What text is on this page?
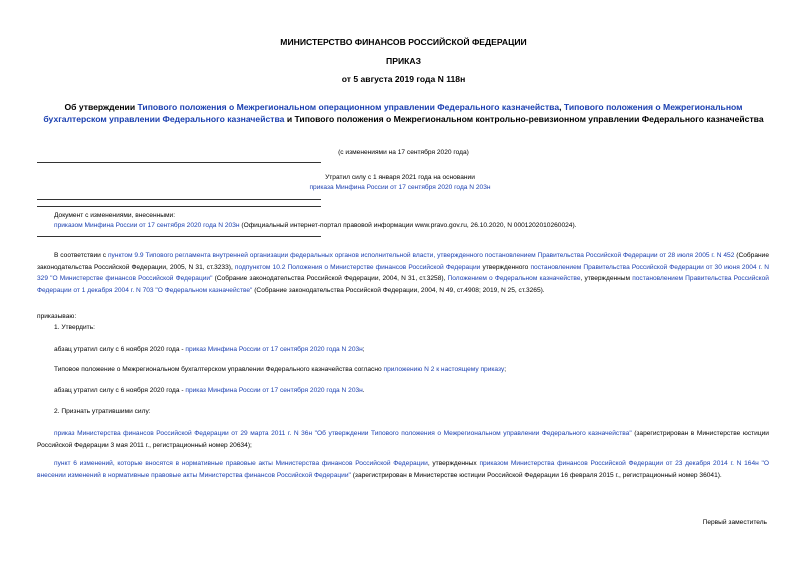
МИНИСТЕРСТВО ФИНАНСОВ РОССИЙСКОЙ ФЕДЕРАЦИИ
ПРИКАЗ
от 5 августа 2019 года N 118н
Об утверждении Типового положения о Межрегиональном операционном управлении Федерального казначейства, Типового положения о Межрегиональном бухгалтерском управлении Федерального казначейства и Типового положения о Межрегиональном контрольно-ревизионном управлении Федерального казначейства
(с изменениями на 17 сентября 2020 года)
Утратил силу с 1 января 2021 года на основании
приказа Минфина России от 17 сентября 2020 года N 203н
Документ с изменениями, внесенными:
приказом Минфина России от 17 сентября 2020 года N 203н (Официальный интернет-портал правовой информации www.pravo.gov.ru, 26.10.2020, N 0001202010260024).
В соответствии с пунктом 9.9 Типового регламента внутренней организации федеральных органов исполнительной власти, утвержденного постановлением Правительства Российской Федерации от 28 июля 2005 г. N 452 (Собрание законодательства Российской Федерации, 2005, N 31, ст.3233), подпунктом 10.2 Положения о Министерстве финансов Российской Федерации утвержденного постановлением Правительства Российской Федерации от 30 июня 2004 г. N 329 "О Министерстве финансов Российской Федерации" (Собрание законодательства Российской Федерации, 2004, N 31, ст.3258), Положением о Федеральном казначействе, утвержденным постановлением Правительства Российской Федерации от 1 декабря 2004 г. N 703 "О Федеральном казначействе" (Собрание законодательства Российской Федерации, 2004, N 49, ст.4908; 2019, N 25, ст.3265).
приказываю:
1. Утвердить:
абзац утратил силу с 6 ноября 2020 года - приказ Минфина России от 17 сентября 2020 года N 203н;
Типовое положение о Межрегиональном бухгалтерском управлении Федерального казначейства согласно приложению N 2 к настоящему приказу;
абзац утратил силу с 6 ноября 2020 года - приказ Минфина России от 17 сентября 2020 года N 203н.
2. Признать утратившими силу:
приказ Министерства финансов Российской Федерации от 29 марта 2011 г. N 36н "Об утверждении Типового положения о Межрегиональном управлении Федерального казначейства" (зарегистрирован в Министерстве юстиции Российской Федерации 3 мая 2011 г., регистрационный номер 20634);
пункт 6 изменений, которые вносятся в нормативные правовые акты Министерства финансов Российской Федерации, утвержденных приказом Министерства финансов Российской Федерации от 23 декабря 2014 г. N 164н "О внесении изменений в нормативные правовые акты Министерства финансов Российской Федерации" (зарегистрирован в Министерстве юстиции Российской Федерации 16 февраля 2015 г., регистрационный номер 36041).
Первый заместитель
